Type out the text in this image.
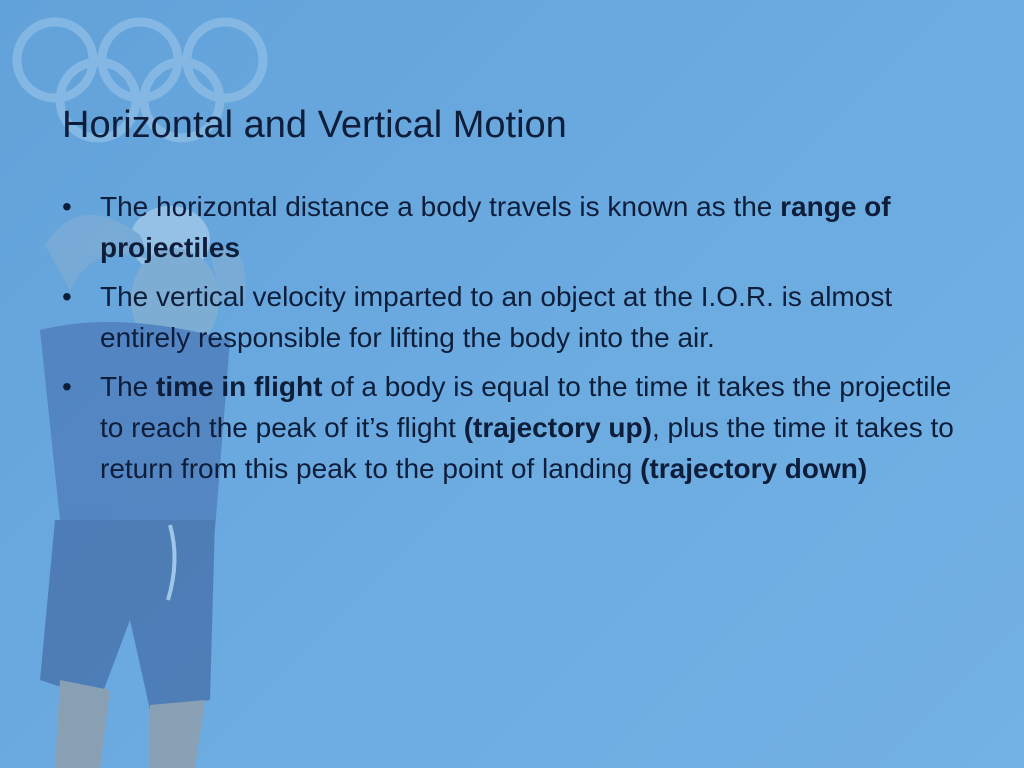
Horizontal and Vertical Motion
• The horizontal distance a body travels is known as the range of projectiles
• The vertical velocity imparted to an object at the I.O.R. is almost entirely responsible for lifting the body into the air.
• The time in flight of a body is equal to the time it takes the projectile to reach the peak of it’s flight (trajectory up), plus the time it takes to return from this peak to the point of landing (trajectory down)
